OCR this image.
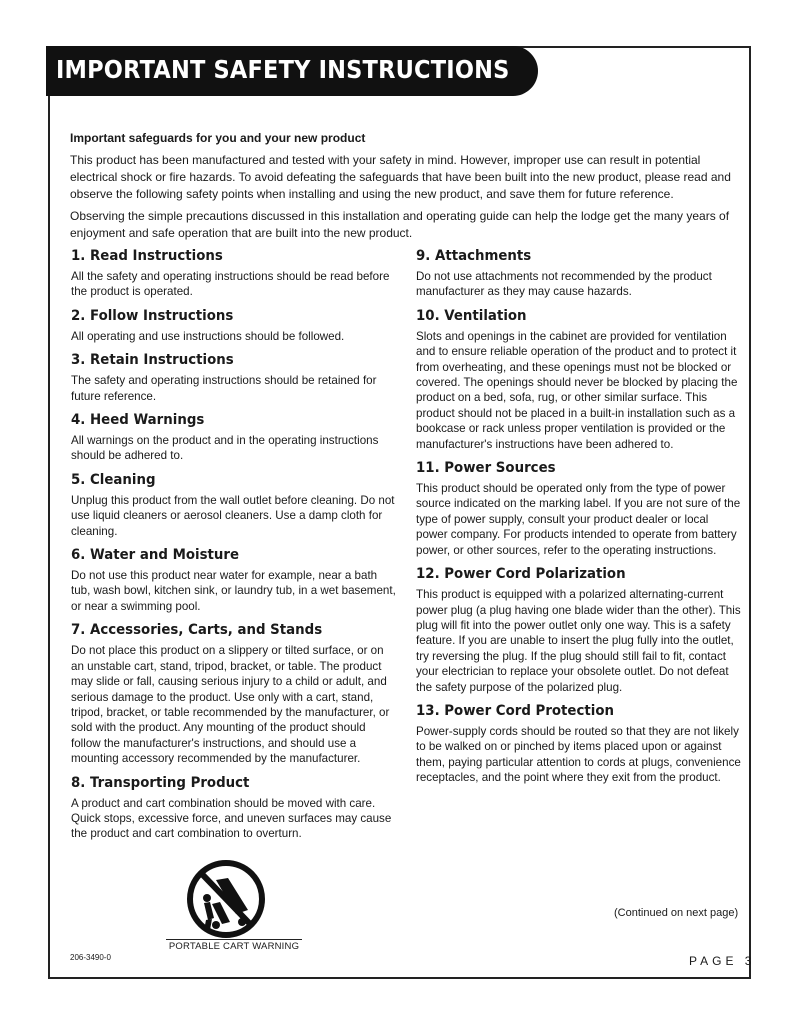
IMPORTANT SAFETY INSTRUCTIONS

Important safeguards for you and your new product

This product has been manufactured and tested with your safety in mind. However, improper use can result in potential electrical shock or fire hazards. To avoid defeating the safeguards that have been built into the new product, please read and observe the following safety points when installing and using the new product, and save them for future reference.

Observing the simple precautions discussed in this installation and operating guide can help the lodge get the many years of enjoyment and safe operation that are built into the new product.

1. Read Instructions

All the safety and operating instructions should be read before the product is operated.

2. Follow Instructions

All operating and use instructions should be followed.

3. Retain Instructions

The safety and operating instructions should be retained for future reference.

4. Heed Warnings

All warnings on the product and in the operating instructions should be adhered to.

5. Cleaning

Unplug this product from the wall outlet before cleaning. Do not use liquid cleaners or aerosol cleaners. Use a damp cloth for cleaning.

6. Water and Moisture

Do not use this product near water for example, near a bath tub, wash bowl, kitchen sink, or laundry tub, in a wet basement, or near a swimming pool.

7. Accessories, Carts, and Stands

Do not place this product on a slippery or tilted surface, or on an unstable cart, stand, tripod, bracket, or table. The product may slide or fall, causing serious injury to a child or adult, and serious damage to the product. Use only with a cart, stand, tripod, bracket, or table recommended by the manufacturer, or sold with the product. Any mounting of the product should follow the manufacturer's instructions, and should use a mounting accessory recommended by the manufacturer.

8. Transporting Product

A product and cart combination should be moved with care. Quick stops, excessive force, and uneven surfaces may cause the product and cart combination to overturn.

9. Attachments

Do not use attachments not recommended by the product manufacturer as they may cause hazards.

10. Ventilation

Slots and openings in the cabinet are provided for ventilation and to ensure reliable operation of the product and to protect it from overheating, and these openings must not be blocked or covered. The openings should never be blocked by placing the product on a bed, sofa, rug, or other similar surface. This product should not be placed in a built-in installation such as a bookcase or rack unless proper ventilation is provided or the manufacturer's instructions have been adhered to.

11. Power Sources

This product should be operated only from the type of power source indicated on the marking label. If you are not sure of the type of power supply, consult your product dealer or local power company. For products intended to operate from battery power, or other sources, refer to the operating instructions.

12. Power Cord Polarization

This product is equipped with a polarized alternating-current power plug (a plug having one blade wider than the other). This plug will fit into the power outlet only one way. This is a safety feature. If you are unable to insert the plug fully into the outlet, try reversing the plug. If the plug should still fail to fit, contact your electrician to replace your obsolete outlet. Do not defeat the safety purpose of the polarized plug.

13. Power Cord Protection

Power-supply cords should be routed so that they are not likely to be walked on or pinched by items placed upon or against them, paying particular attention to cords at plugs, convenience receptacles, and the point where they exit from the product.

PORTABLE CART WARNING
206-3490-0
(Continued on next page)
PAGE 3
